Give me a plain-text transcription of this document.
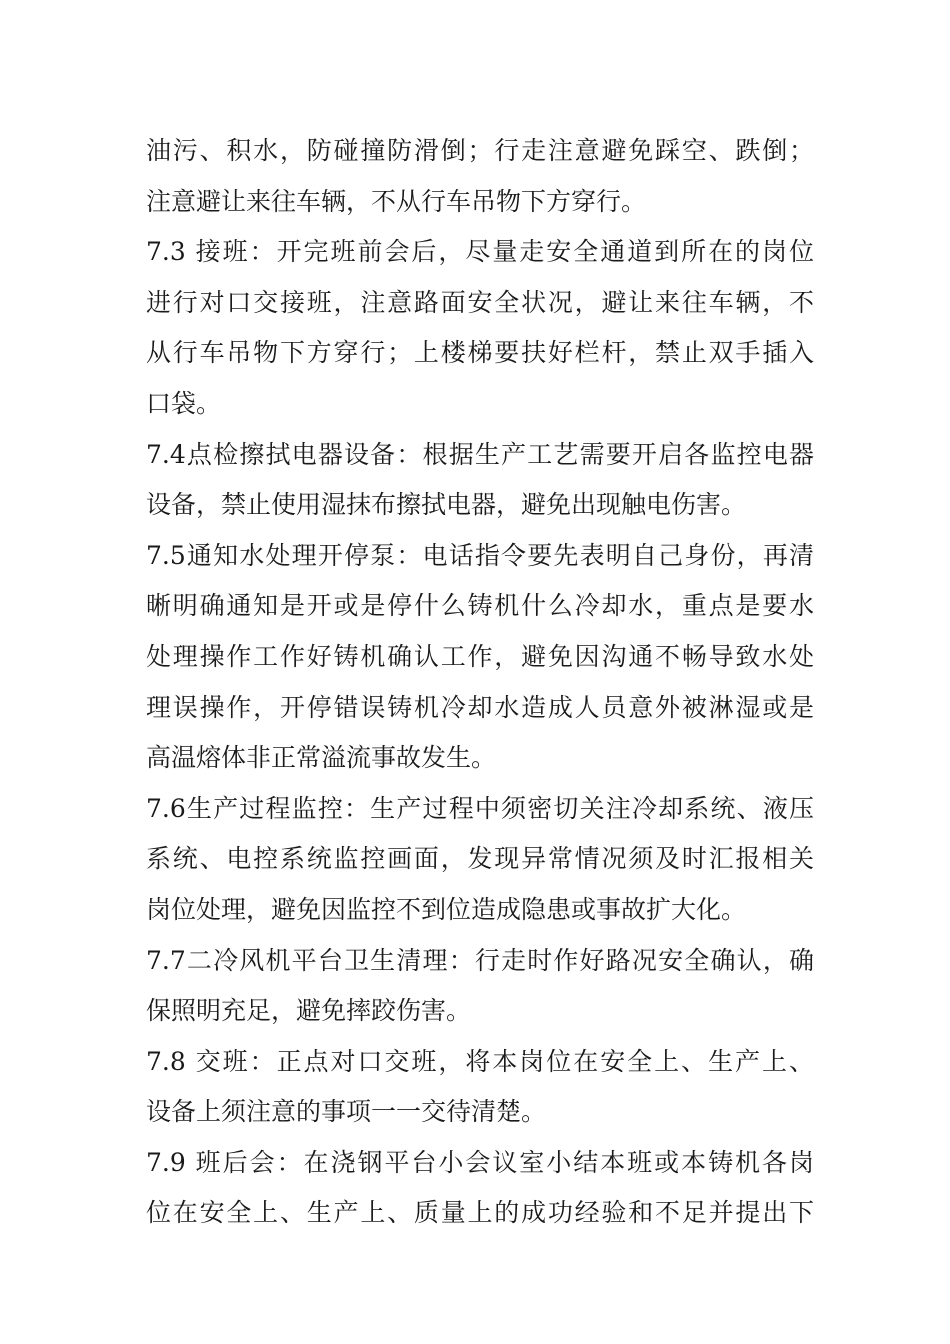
油污、积水，防碰撞防滑倒；行走注意避免踩空、跌倒；
注意避让来往车辆，不从行车吊物下方穿行。
7.3 接班：开完班前会后，尽量走安全通道到所在的岗位
进行对口交接班，注意路面安全状况，避让来往车辆，不
从行车吊物下方穿行；上楼梯要扶好栏杆，禁止双手插入
口袋。
7.4点检擦拭电器设备：根据生产工艺需要开启各监控电器
设备，禁止使用湿抹布擦拭电器，避免出现触电伤害。
7.5通知水处理开停泵：电话指令要先表明自己身份，再清
晰明确通知是开或是停什么铸机什么冷却水，重点是要水
处理操作工作好铸机确认工作，避免因沟通不畅导致水处
理误操作，开停错误铸机冷却水造成人员意外被淋湿或是
高温熔体非正常溢流事故发生。
7.6生产过程监控：生产过程中须密切关注冷却系统、液压
系统、电控系统监控画面，发现异常情况须及时汇报相关
岗位处理，避免因监控不到位造成隐患或事故扩大化。
7.7二冷风机平台卫生清理：行走时作好路况安全确认，确
保照明充足，避免摔跤伤害。
7.8 交班：正点对口交班，将本岗位在安全上、生产上、
设备上须注意的事项一一交待清楚。
7.9 班后会：在浇钢平台小会议室小结本班或本铸机各岗
位在安全上、生产上、质量上的成功经验和不足并提出下
